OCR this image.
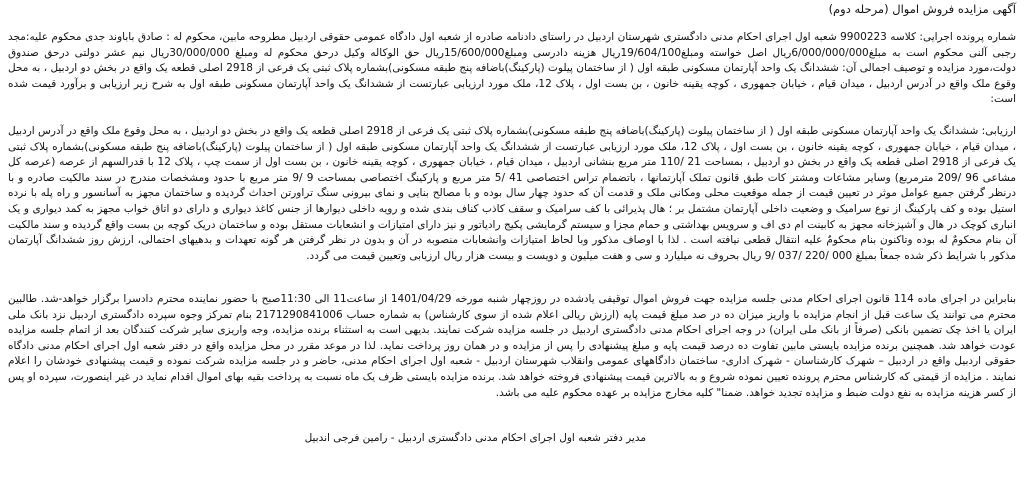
آگهی مزایده فروش اموال (مرحله دوم)

شماره پرونده اجرایی: کلاسه 9900223 شعبه اول اجرای احکام مدنی دادگستری شهرستان اردبیل در راستای دادنامه صادره از شعبه اول دادگاه عمومی حقوقی اردبیل مطروحه مابین، محکوم له : صادق باباوند جدی محکوم علیه:مجد رجبی آلنی محکوم است به مبلغ6/000/000/000ریال اصل خواسته ومبلغ19/604/100ریال هزینه دادرسی ومبلغ15/600/000ریال حق الوکاله وکیل درحق محکوم له ومبلغ 30/000/000ریال نیم عشر دولتی درحق صندوق دولت،مورد مزایده و توصیف اجمالی آن: ششدانگ یک واحد آپارتمان مسکونی طبقه اول ( از ساختمان پیلوت (پارکینگ)باضافه پنج طبقه مسکونی)بشماره پلاک ثبتی یک فرعی از 2918 اصلی قطعه یک واقع در بخش دو اردبیل ، به محل وقوع ملک واقع در آدرس اردبیل ، میدان قیام ، خیابان جمهوری ، کوچه یقینه خانون ، بن بست اول ، پلاک 12، ملک مورد ارزیابی عبارتست از ششدانگ یک واحد آپارتمان مسکونی طبقه اول به شرح زیر ارزیابی و برآورد قیمت شده است:

ارزیابی: ششدانگ یک واحد آپارتمان مسکونی طبقه اول ( از ساختمان پیلوت (پارکینگ)باضافه پنج طبقه مسکونی)بشماره پلاک ثبتی یک فرعی از 2918 اصلی قطعه یک واقع در بخش دو اردبیل ، به محل وقوع ملک واقع در آدرس اردبیل ، میدان قیام ، خیابان جمهوری ، کوچه یقینه خانون ، بن بست اول ، پلاک 12، ملک مورد ارزیابی عبارتست از ششدانگ یک واحد آپارتمان مسکونی طبقه اول ( از ساختمان پیلوت (پارکینگ)باضافه پنج طبقه مسکونی)بشماره پلاک ثبتی یک فرعی از 2918 اصلی قطعه یک واقع در بخش دو اردبیل ، بمساحت 21 /110 متر مربع بنشانی اردبیل ، میدان قیام ، خیابان جمهوری ، کوچه یقینه خانون ، بن بست اول از سمت چپ ، پلاک 12 با قدرالسهم از عرصه (عرصه کل مشاعی 96 /209 مترمربع) وسایر مشاعات ومشتر کات طبق قانون تملک آپارتمانها ، باتضمام تراس اختصاصی 41 /5 متر مربع و پارکینگ اختصاصی بمساحت 9 /9 متر مربع با حدود ومشخصات مندرج در سند مالکیت صادره و با درنظر گرفتن جمیع عوامل موثر در تعیین قیمت از جمله موقعیت محلی ومکانی ملک و قدمت آن که حدود چهار سال بوده و با مصالح بنایی و نمای بیرونی سنگ تراورتن احداث گردیده و ساختمان مجهز به آسانسور و راه پله با نرده استیل بوده و کف پارکینگ از نوع سرامیک و وضعیت داخلی آپارتمان مشتمل بر ؛ هال پذیرائی با کف سرامیک و سقف کاذب کناف بندی شده و رویه داخلی دیوارها از جنس کاغذ دیواری و دارای دو اتاق خواب مجهز به کمد دیواری و یک انباری کوچک در هال و آشپزخانه مجهز به کابینت ام دی اف و سرویس بهداشتی و حمام مجزا و سیستم گرمایشی پکیج رادیاتور و نیز دارای امتیازات و انشعابات مستقل بوده و ساختمان دریک کوچه بن بست واقع گردیده و سند مالکیت آن بنام محکومٌ له بوده وتاکنون بنام محکومٌ علیه انتقال قطعی نیافته است . لذا با اوصاف مذکور وبا لحاظ امتیازات وانشعابات منصوبه در آن و بدون در نظر گرفتن هر گونه تعهدات و بدهیهای احتمالی، ارزش روز ششدانگ آپارتمان مذکور با شرایط ذکر شده جمعاً بمبلغ 000 /220 /037 /9 ریال بحروف نه میلیارد و سی و هفت میلیون و دویست و بیست هزار ریال ارزیابی وتعیین قیمت می گردد.

بنابراین در اجرای ماده 114 قانون اجرای احکام مدنی جلسه مزایده جهت فروش اموال توقیفی یادشده در روزچهار شنبه مورخه 1401/04/29 از ساعت11 الی 11:30صبح با حضور نماینده محترم دادسرا برگزار خواهد-شد. طالبین محترم می توانند یک ساعت قبل از انجام مزایده با واریز میزان ده در صد مبلغ قیمت پایه (ارزش ریالی اعلام شده از سوی کارشناس) به شماره حساب 2171290841006 بنام تمرکز وجوه سپرده دادگستری اردبیل نزد بانک ملی ایران یا اخذ چک تضمین بانکی (صرفاً از بانک ملی ایران) در وجه اجرای احکام مدنی دادگستری اردبیل در جلسه مزایده شرکت نمایند. بدیهی است به استثناء برنده مزایده، وجه واریزی سایر شرکت کنندگان بعد از اتمام جلسه مزایده عودت خواهد شد. همچنین برنده مزایده بایستی مابین تفاوت ده درصد قیمت پایه و مبلغ پیشنهادی را پس از مزایده و در همان روز پرداخت نماید. لذا در موعد مقرر در محل مزایده واقع در دفتر شعبه اول اجرای احکام مدنی دادگاه حقوقی اردبیل واقع در اردبیل – شهرک کارشناسان - شهرک اداری- ساختمان دادگاههای عمومی وانقلاب شهرستان اردبیل - شعبه اول اجرای احکام مدنی، حاضر و در جلسه مزایده شرکت نموده و قیمت پیشنهادی خودشان را اعلام نمایند . مزایده از قیمتی که کارشناس محترم پرونده تعیین نموده شروع و به بالاترین قیمت پیشنهادی فروخته خواهد شد. برنده مزایده بایستی ظرف یک ماه نسبت به پرداخت بقیه بهای اموال اقدام نماید در غیر اینصورت، سپرده او پس از کسر هزینه مزایده به نفع دولت ضبط و مزایده تجدید خواهد. ضمنا" کلیه مخارج مزایده بر عهده محکوم علیه می باشد.

مدیر دفتر شعبه اول اجرای احکام مدنی دادگستری اردبیل - رامین فرجی اندبیل
